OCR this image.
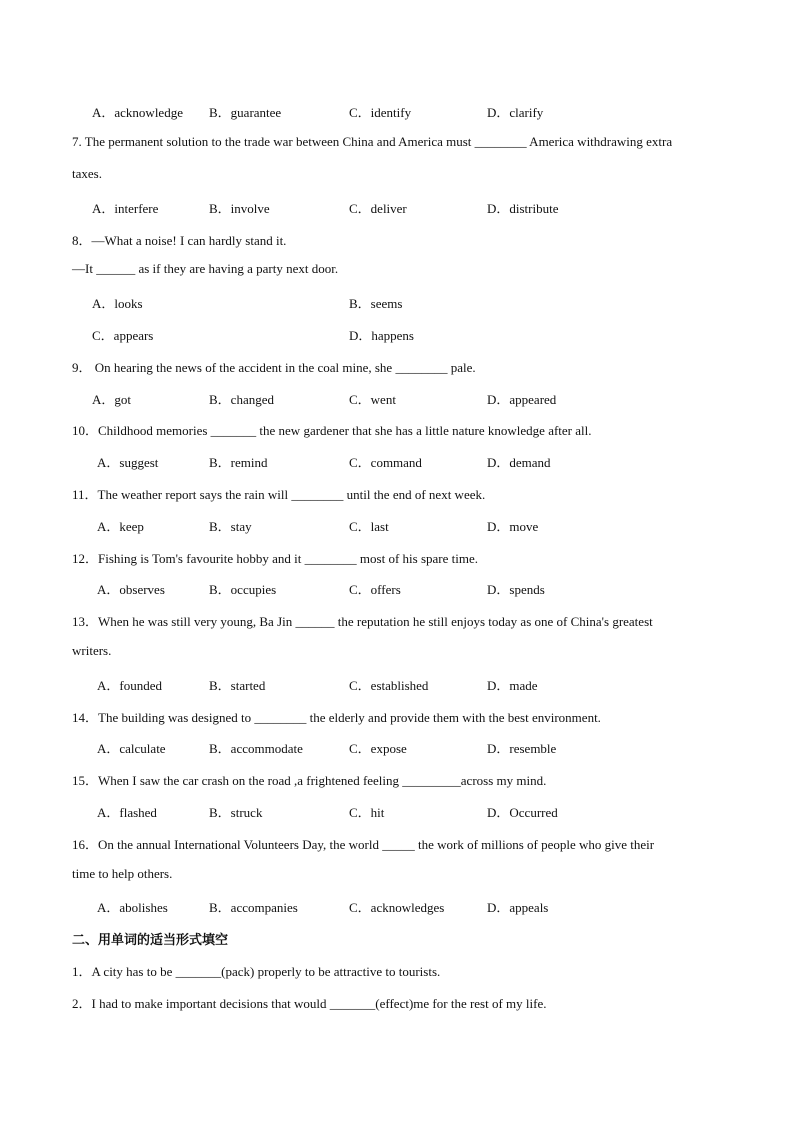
A．acknowledge B．guarantee	C．identify	D．clarify
7. The permanent solution to the trade war between China and America must ________ America withdrawing extra
taxes.
A．interfere	B．involve	C．deliver	D．distribute
8．—What a noise! I can hardly stand it.
—It ______ as if they are having a party next door.
A．looks	B．seems
C．appears	D．happens
9． On hearing the news of the accident in the coal mine, she ________ pale.
A．got	B．changed	C．went	D．appeared
10．Childhood memories _______ the new gardener that she has a little nature knowledge after all.
A．suggest	B．remind	C．command	D．demand
11．The weather report says the rain will ________ until the end of next week.
A．keep	B．stay	C．last	D．move
12．Fishing is Tom's favourite hobby and it ________ most of his spare time.
A．observes	B．occupies	C．offers	D．spends
13．When he was still very young, Ba Jin ______ the reputation he still enjoys today as one of China's greatest
writers.
A．founded	B．started	C．established	D．made
14．The building was designed to ________ the elderly and provide them with the best environment.
A．calculate	B．accommodate	C．expose	D．resemble
15．When I saw the car crash on the road ,a frightened feeling _________across my mind.
A．flashed	B．struck	C．hit	D．Occurred
16．On the annual International Volunteers Day, the world _____ the work of millions of people who give their
time to help others.
A．abolishes	B．accompanies	C．acknowledges	D．appeals
二、用单词的适当形式填空
1．A city has to be _______(pack) properly to be attractive to tourists.
2．I had to make important decisions that would _______(effect)me for the rest of my life.
